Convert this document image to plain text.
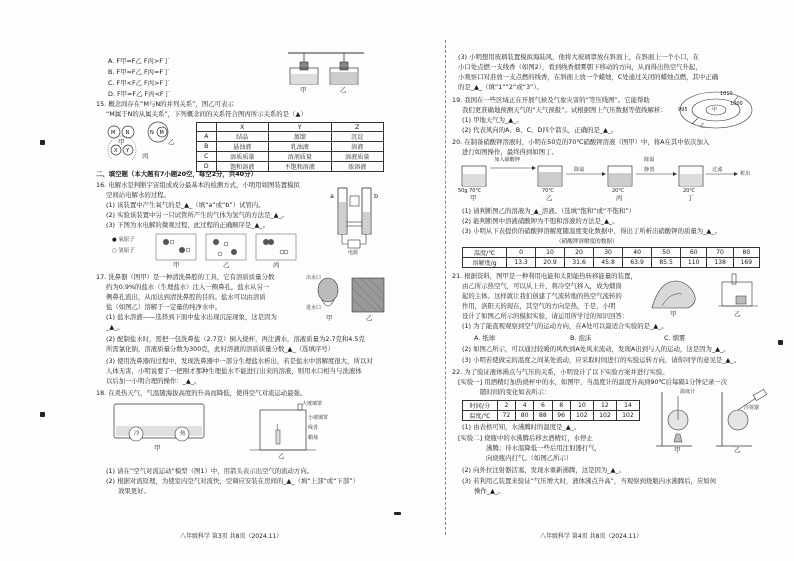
A. F甲=F乙 F丙>F丁
B. F甲=F乙 F丙=F丁
C. F甲<F乙 F丙>F丁
D. F甲=F乙 F丙<F丁	甲	乙
15. 概念间存在“M与N的并列关系”，图乙可表示
“M属于N的从属关系”，下列概念间的关系符合图丙所示关系的是（▲）
M N	N M
X Y
甲	乙
丙
	X	Y	Z
A	结晶	蒸馏	沉淀
B	悬浊液	乳浊液	溶液
C	溶质质量	溶剂质量	溶液质量
D	饱和溶液	不饱和溶液	浓溶液
二、填空题（本大题有7小题20空，每空2分，共40分）
16. 电解水是判断宇宙组成成分最基本的检测方式，小明用如图装置模拟
空间站电解水的过程。
(1) 该装置中产生氧气的是_▲_（填“a”或“b”）试管内。
(2) 实验该装置中另一只试管所产生的气体为氢气的方法是_▲_。
(3) 下图为水电解的微观过程，此过程的正确顺序是_▲_。
a	b
电源
● 氧原子
○ 氢原子
甲	乙	丙
17. 洗鼻器（图甲）是一种清洗鼻腔的工具，它有溶质质量分数
约为0.9%的盐水（生理盐水）注入一侧鼻孔，盐水从另一
侧鼻孔流出，从而达到清洗鼻腔的目的。盐水可以由溶质
盐（如图乙）溶解于一定量的纯净水中。
(1) 盐水溶液——选择到下面中盐水出现沉淀现象，这是因为
_▲_。
(2) 配制盐水时，需把一包洗鼻盐（2.7克）倒入烧杯，再注满水，溶液质量为2.7克和4.5克
所需氯化钠，溶液质量分数为300克，此时溶液的溶质质量分数_▲_（选填序号）
(3) 使用洗鼻器的过程中，发现洗鼻器中一部分生理盐水析出，若是盐水中溶解度很大，所以对
人体无害，小明说要了一把刚才那种生理盐水不能进行出来的溶液，则用水口相当与洗液体
以后加一小明合理的操作：_▲_。
出水口
进水口
甲	乙
18. 在炎热天气，气温随海拔高度的升高而降低，使得空气对流运动最强。
冷	热
大玻璃罩
小玻璃罩
线香
蜡烛
甲
乙
(1) 请在“空气对流运动”模型（图1）中，用箭头表示出空气的流动方向。
(2) 根据对流原理，为使室内空气对流快，空调应安装在房间的_▲_（填“上部”或“下部”）
效果更好。
八年级科学 第3页 共8页（2024.11）
(3) 小明想用玻璃装置模拟海陆风，他将大玻璃罩放在斜面上，在斜面上一个小口，在
小口处点燃一支线香（如图2），看到线香烟雾朝下移动的方向，从而得出热空气升起，
小观察口对准放一支点燃的线香，在斜面上放一个蜡烛，C处通过关闭的蜡烛点燃，其中正确
的是_▲_（填“1”“2”或“3”）。
19. 我国在一些区域正在开展气候及气象灾害的“等压线图”。它能帮助
我们更准确地预测天气的“天气预报”。试根据图上气压数据等值线解析：
(1) 甲地天气为_▲_。
(2) 代表风向的A、B、C、D四个箭头，正确的是_▲_。
1010
1000
995	甲
乙
20. 在制备硝酸钾溶液时，小明在50克的70℃硝酸钾溶液（图甲）中，将A在其中依次加入
进行如图操作，最终得到如图丁。
加入硝酸钾
降温
降温
静置	过滤
析出
50g 70℃	70℃	20℃	20℃
甲	乙	丙	丁
(1) 请判断图乙的溶液为_▲_溶液。（选填“饱和”或“不饱和”）
(2) 能判断图中溶液硝酸钾为不饱和溶液的方法是_▲_。
(3) 小明从下表提供的硝酸钾溶解度随温度变化数据中，得出丁所析出硝酸钾的质量为_▲_。
（硝酸钾溶解度的数据）
温度/℃	0	10	20	30	40	50	60	70	80
溶解度/g	13.3	20.9	31.6	45.8	63.9	85.5	110	138	169
21. 根据资料，图甲是一种利用电能和太阳能热转移能量的装置，
由乙所示热空气，可以从上升，将冷空气移入，成为烟囱
起的主体。这样就让我们创建了气流转地的热空气流转的
作用，洛阳天的现在，其空气的方向是热，于是，小明
设计了如图乙所示的模拟实验，请运用所学过的知识回答：
(1) 为了能直观观察到空气的运动方向，在A处可以最适合实验的是_▲_。
甲	乙
A. 纸球	B. 泡沫	C. 烟雾
(2) 如图乙所示，可以通过较暖的风吹到A处风来流动，发现A出到与人的运动，这是因为_▲_。
(3) 小明若使做完的温度之间某处流动，应采取时间进行的实验运转方向，请你同学的意见是_▲_。
22. 为了验证液体沸点与气压的关系，小明设计了以下实验方案并进行实验。
[实验一] 用酒精灯加热烧杯中的水，如图甲，当温度计的温度升高到90℃后每隔1分钟记录一次
随时间的变化如表所示：
时间/分	2	4	6	8	10	12	14
温度/℃	72	80	88	96	102	102	102
(1) 由表格可知，水沸腾时的温度是_▲_。
[实验二] 烧瓶中的水沸腾后移去酒精灯，水停止
沸腾；待水温降低一些后用注射器打气，
向烧瓶内打气。（如图乙所示）
(2) 向外拉注射器活塞，发现水重新沸腾，这是因为_▲_。
(3) 若利用乙装置来验证“气压增大时，液体沸点升高”，当观察到烧瓶内水沸腾后，应如何
操作_▲_。
温度计
注射器
甲	乙
八年级科学 第4页 共8页（2024.11）
